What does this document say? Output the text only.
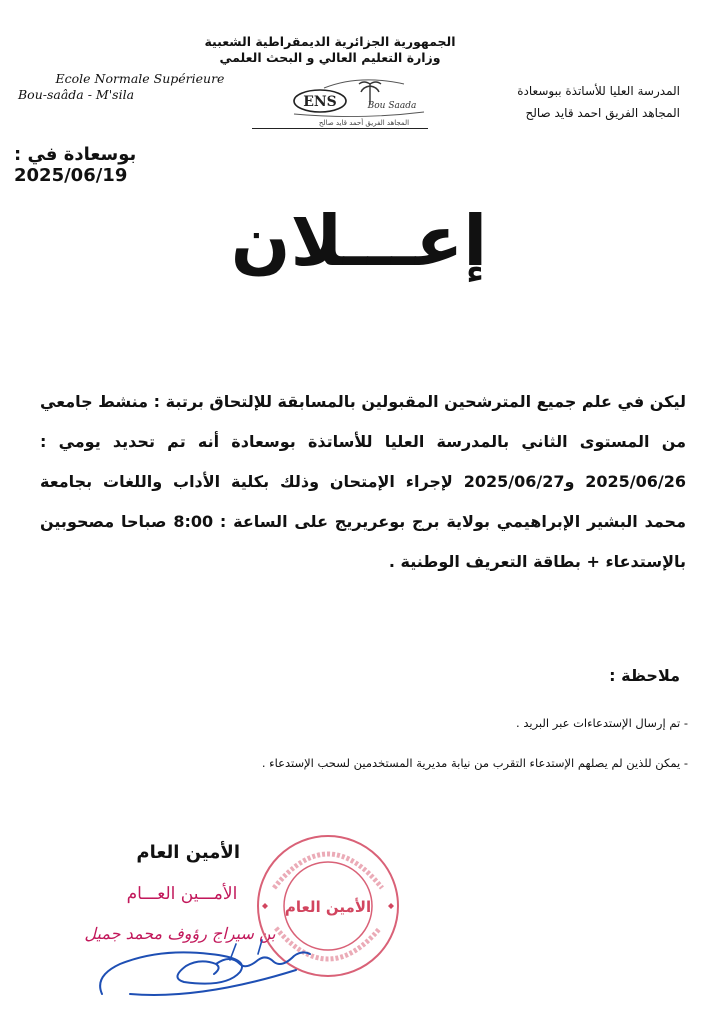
الجمهورية الجزائرية الديمقراطية الشعبية
وزارة التعليم العالي و البحث العلمي
Ecole Normale Supérieure
Bou-saâda - M'sila	المدرسة العليا للأساتذة ببوسعادة
المجاهد الفريق احمد قايد صالح
ENS	Bou Saada
المجاهد الفريق أحمد قايد صالح
بوسعادة في : 2025/06/19
إعـــلان
ليكن في علم جميع المترشحين المقبولين بالمسابقة للإلتحاق برتبة : منشط جامعي من المستوى الثاني بالمدرسة العليا للأساتذة بوسعادة أنه تم تحديد يومي : 2025/06/26 و2025/06/27 لإجراء الإمتحان وذلك بكلية الأداب واللغات بجامعة محمد البشير الإبراهيمي بولاية برج بوعريريج على الساعة : 8:00 صباحا مصحوبين بالإستدعاء + بطاقة التعريف الوطنية .
ملاحظة :
- تم إرسال الإستدعاءات عبر البريد .
- يمكن للذين لم يصلهم الإستدعاء التقرب من نيابة مديرية المستخدمين لسحب الإستدعاء .
الأمين العام
الأمـــين العـــام
بن سيراج رؤوف محمد جميل
الأمين العام
